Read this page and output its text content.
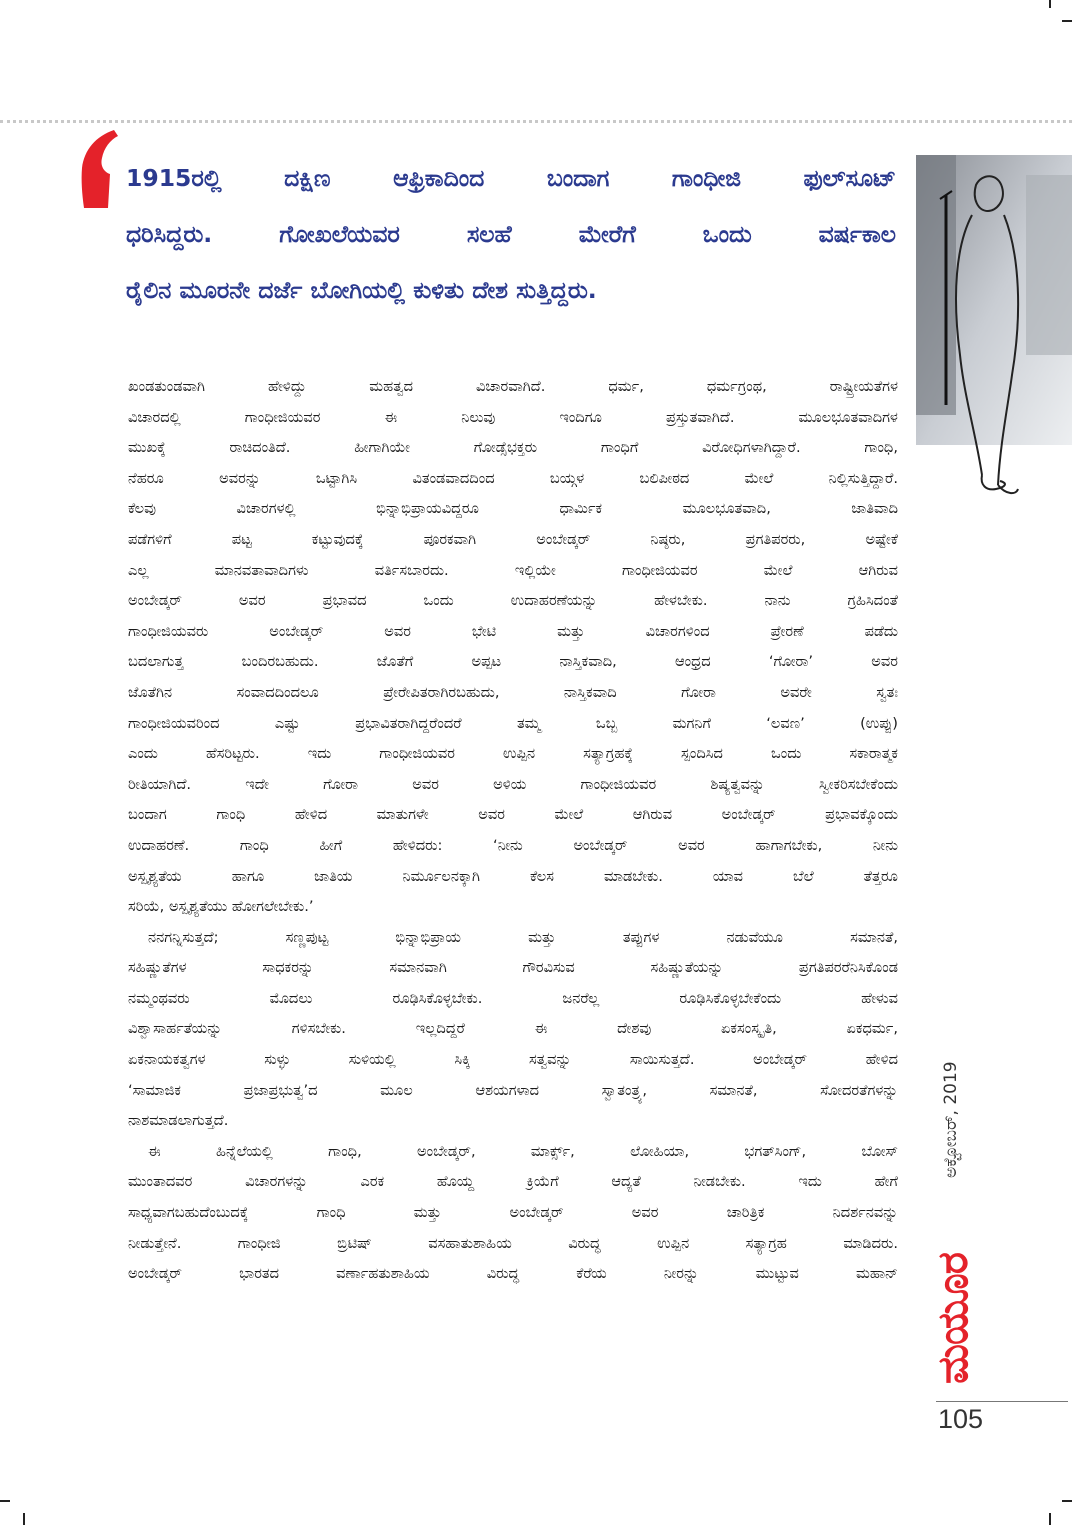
1915ರಲ್ಲಿ ದಕ್ಷಿಣ ಆಫ್ರಿಕಾದಿಂದ ಬಂದಾಗ ಗಾಂಧೀಜಿ ಫುಲ್‌ಸೂಟ್
ಧರಿಸಿದ್ದರು. ಗೋಖಲೆಯವರ ಸಲಹೆ ಮೇರೆಗೆ ಒಂದು ವರ್ಷಕಾಲ
ರೈಲಿನ ಮೂರನೇ ದರ್ಜೆ ಬೋಗಿಯಲ್ಲಿ ಕುಳಿತು ದೇಶ ಸುತ್ತಿದ್ದರು.
ಖಂಡತುಂಡವಾಗಿ ಹೇಳಿದ್ದು ಮಹತ್ವದ ವಿಚಾರವಾಗಿದೆ. ಧರ್ಮ, ಧರ್ಮಗ್ರಂಥ, ರಾಷ್ಟ್ರೀಯತೆಗಳ
ವಿಚಾರದಲ್ಲಿ ಗಾಂಧೀಜಿಯವರ ಈ ನಿಲುವು ಇಂದಿಗೂ ಪ್ರಸ್ತುತವಾಗಿದೆ. ಮೂಲಭೂತವಾದಿಗಳ
ಮುಖಕ್ಕೆ ರಾಚಿದಂತಿದೆ. ಹೀಗಾಗಿಯೇ ಗೋಡ್ಸೆಭಕ್ತರು ಗಾಂಧಿಗೆ ವಿರೋಧಿಗಳಾಗಿದ್ದಾರೆ. ಗಾಂಧಿ,
ನೆಹರೂ ಅವರನ್ನು ಒಟ್ಟಾಗಿಸಿ ವಿತಂಡವಾದದಿಂದ ಬಯ್ಗಳ ಬಲಿಪೀಠದ ಮೇಲೆ ನಿಲ್ಲಿಸುತ್ತಿದ್ದಾರೆ.
ಕೆಲವು ವಿಚಾರಗಳಲ್ಲಿ ಭಿನ್ನಾಭಿಪ್ರಾಯವಿದ್ದರೂ ಧಾರ್ಮಿಕ ಮೂಲಭೂತವಾದಿ, ಜಾತಿವಾದಿ
ಪಡೆಗಳಿಗೆ ಪಟ್ಟ ಕಟ್ಟುವುದಕ್ಕೆ ಪೂರಕವಾಗಿ ಅಂಬೇಡ್ಕರ್ ನಿಷ್ಠರು, ಪ್ರಗತಿಪರರು, ಅಷ್ಟೇಕೆ
ಎಲ್ಲ ಮಾನವತಾವಾದಿಗಳು ವರ್ತಿಸಬಾರದು. ಇಲ್ಲಿಯೇ ಗಾಂಧೀಜಿಯವರ ಮೇಲೆ ಆಗಿರುವ
ಅಂಬೇಡ್ಕರ್ ಅವರ ಪ್ರಭಾವದ ಒಂದು ಉದಾಹರಣೆಯನ್ನು ಹೇಳಬೇಕು. ನಾನು ಗ್ರಹಿಸಿದಂತೆ
ಗಾಂಧೀಜಿಯವರು ಅಂಬೇಡ್ಕರ್ ಅವರ ಭೇಟಿ ಮತ್ತು ವಿಚಾರಗಳಿಂದ ಪ್ರೇರಣೆ ಪಡೆದು
ಬದಲಾಗುತ್ತ ಬಂದಿರಬಹುದು. ಜೊತೆಗೆ ಅಪ್ಪಟ ನಾಸ್ತಿಕವಾದಿ, ಆಂಧ್ರದ ‘ಗೋರಾ’ ಅವರ
ಜೊತೆಗಿನ ಸಂವಾದದಿಂದಲೂ ಪ್ರೇರೇಪಿತರಾಗಿರಬಹುದು, ನಾಸ್ತಿಕವಾದಿ ಗೋರಾ ಅವರೇ ಸ್ವತಃ
ಗಾಂಧೀಜಿಯವರಿಂದ ಎಷ್ಟು ಪ್ರಭಾವಿತರಾಗಿದ್ದರೆಂದರೆ ತಮ್ಮ ಒಬ್ಬ ಮಗನಿಗೆ ‘ಲವಣ’ (ಉಪ್ಪು)
ಎಂದು ಹೆಸರಿಟ್ಟರು. ಇದು ಗಾಂಧೀಜಿಯವರ ಉಪ್ಪಿನ ಸತ್ಯಾಗ್ರಹಕ್ಕೆ ಸ್ಪಂದಿಸಿದ ಒಂದು ಸಕಾರಾತ್ಮಕ
ರೀತಿಯಾಗಿದೆ. ಇದೇ ಗೋರಾ ಅವರ ಅಳಿಯ ಗಾಂಧೀಜಿಯವರ ಶಿಷ್ಯತ್ವವನ್ನು ಸ್ವೀಕರಿಸಬೇಕೆಂದು
ಬಂದಾಗ ಗಾಂಧಿ ಹೇಳಿದ ಮಾತುಗಳೇ ಅವರ ಮೇಲೆ ಆಗಿರುವ ಅಂಬೇಡ್ಕರ್ ಪ್ರಭಾವಕ್ಕೊಂದು
ಉದಾಹರಣೆ. ಗಾಂಧಿ ಹೀಗೆ ಹೇಳಿದರು: ‘ನೀನು ಅಂಬೇಡ್ಕರ್ ಅವರ ಹಾಗಾಗಬೇಕು, ನೀನು
ಅಸ್ಪೃಶ್ಯತೆಯ ಹಾಗೂ ಜಾತಿಯ ನಿರ್ಮೂಲನಕ್ಕಾಗಿ ಕೆಲಸ ಮಾಡಬೇಕು. ಯಾವ ಬೆಲೆ ತೆತ್ತರೂ
ಸರಿಯೆ, ಅಸ್ಪೃಶ್ಯತೆಯು ಹೋಗಲೇಬೇಕು.’
ನನಗನ್ನಿಸುತ್ತದೆ; ಸಣ್ಣಪುಟ್ಟ ಭಿನ್ನಾಭಿಪ್ರಾಯ ಮತ್ತು ತಪ್ಪುಗಳ ನಡುವೆಯೂ ಸಮಾನತೆ,
ಸಹಿಷ್ಣುತೆಗಳ ಸಾಧಕರನ್ನು ಸಮಾನವಾಗಿ ಗೌರವಿಸುವ ಸಹಿಷ್ಣುತೆಯನ್ನು ಪ್ರಗತಿಪರರೆನಿಸಿಕೊಂಡ
ನಮ್ಮಂಥವರು ಮೊದಲು ರೂಢಿಸಿಕೊಳ್ಳಬೇಕು. ಜನರೆಲ್ಲ ರೂಢಿಸಿಕೊಳ್ಳಬೇಕೆಂದು ಹೇಳುವ
ವಿಶ್ವಾಸಾರ್ಹತೆಯನ್ನು ಗಳಿಸಬೇಕು. ಇಲ್ಲದಿದ್ದರೆ ಈ ದೇಶವು ಏಕಸಂಸ್ಕೃತಿ, ಏಕಧರ್ಮ,
ಏಕನಾಯಕತ್ವಗಳ ಸುಳ್ಳು ಸುಳಿಯಲ್ಲಿ ಸಿಕ್ಕಿ ಸತ್ವವನ್ನು ಸಾಯಿಸುತ್ತದೆ. ಅಂಬೇಡ್ಕರ್ ಹೇಳಿದ
‘ಸಾಮಾಜಿಕ ಪ್ರಜಾಪ್ರಭುತ್ವ’ದ ಮೂಲ ಆಶಯಗಳಾದ ಸ್ವಾತಂತ್ರ್ಯ, ಸಮಾನತೆ, ಸೋದರತೆಗಳನ್ನು
ನಾಶಮಾಡಲಾಗುತ್ತದೆ.
ಈ ಹಿನ್ನೆಲೆಯಲ್ಲಿ ಗಾಂಧಿ, ಅಂಬೇಡ್ಕರ್, ಮಾರ್ಕ್ಸ್, ಲೋಹಿಯಾ, ಭಗತ್‌ಸಿಂಗ್, ಬೋಸ್
ಮುಂತಾದವರ ವಿಚಾರಗಳನ್ನು ಎರಕ ಹೊಯ್ದ ಕ್ರಿಯೆಗೆ ಆದ್ಯತೆ ನೀಡಬೇಕು. ಇದು ಹೇಗೆ
ಸಾಧ್ಯವಾಗಬಹುದೆಂಬುದಕ್ಕೆ ಗಾಂಧಿ ಮತ್ತು ಅಂಬೇಡ್ಕರ್ ಅವರ ಚಾರಿತ್ರಿಕ ನಿದರ್ಶನವನ್ನು
ನೀಡುತ್ತೇನೆ. ಗಾಂಧೀಜಿ ಬ್ರಿಟಿಷ್ ವಸಹಾತುಶಾಹಿಯ ವಿರುದ್ಧ ಉಪ್ಪಿನ ಸತ್ಯಾಗ್ರಹ ಮಾಡಿದರು.
ಅಂಬೇಡ್ಕರ್ ಭಾರತದ ವರ್ಣಾಹತುಶಾಹಿಯ ವಿರುದ್ಧ ಕೆರೆಯ ನೀರನ್ನು ಮುಟ್ಟುವ ಮಹಾನ್
ಅಕ್ಟೋಬರ್, 2019
ಮಯೂರ
105
